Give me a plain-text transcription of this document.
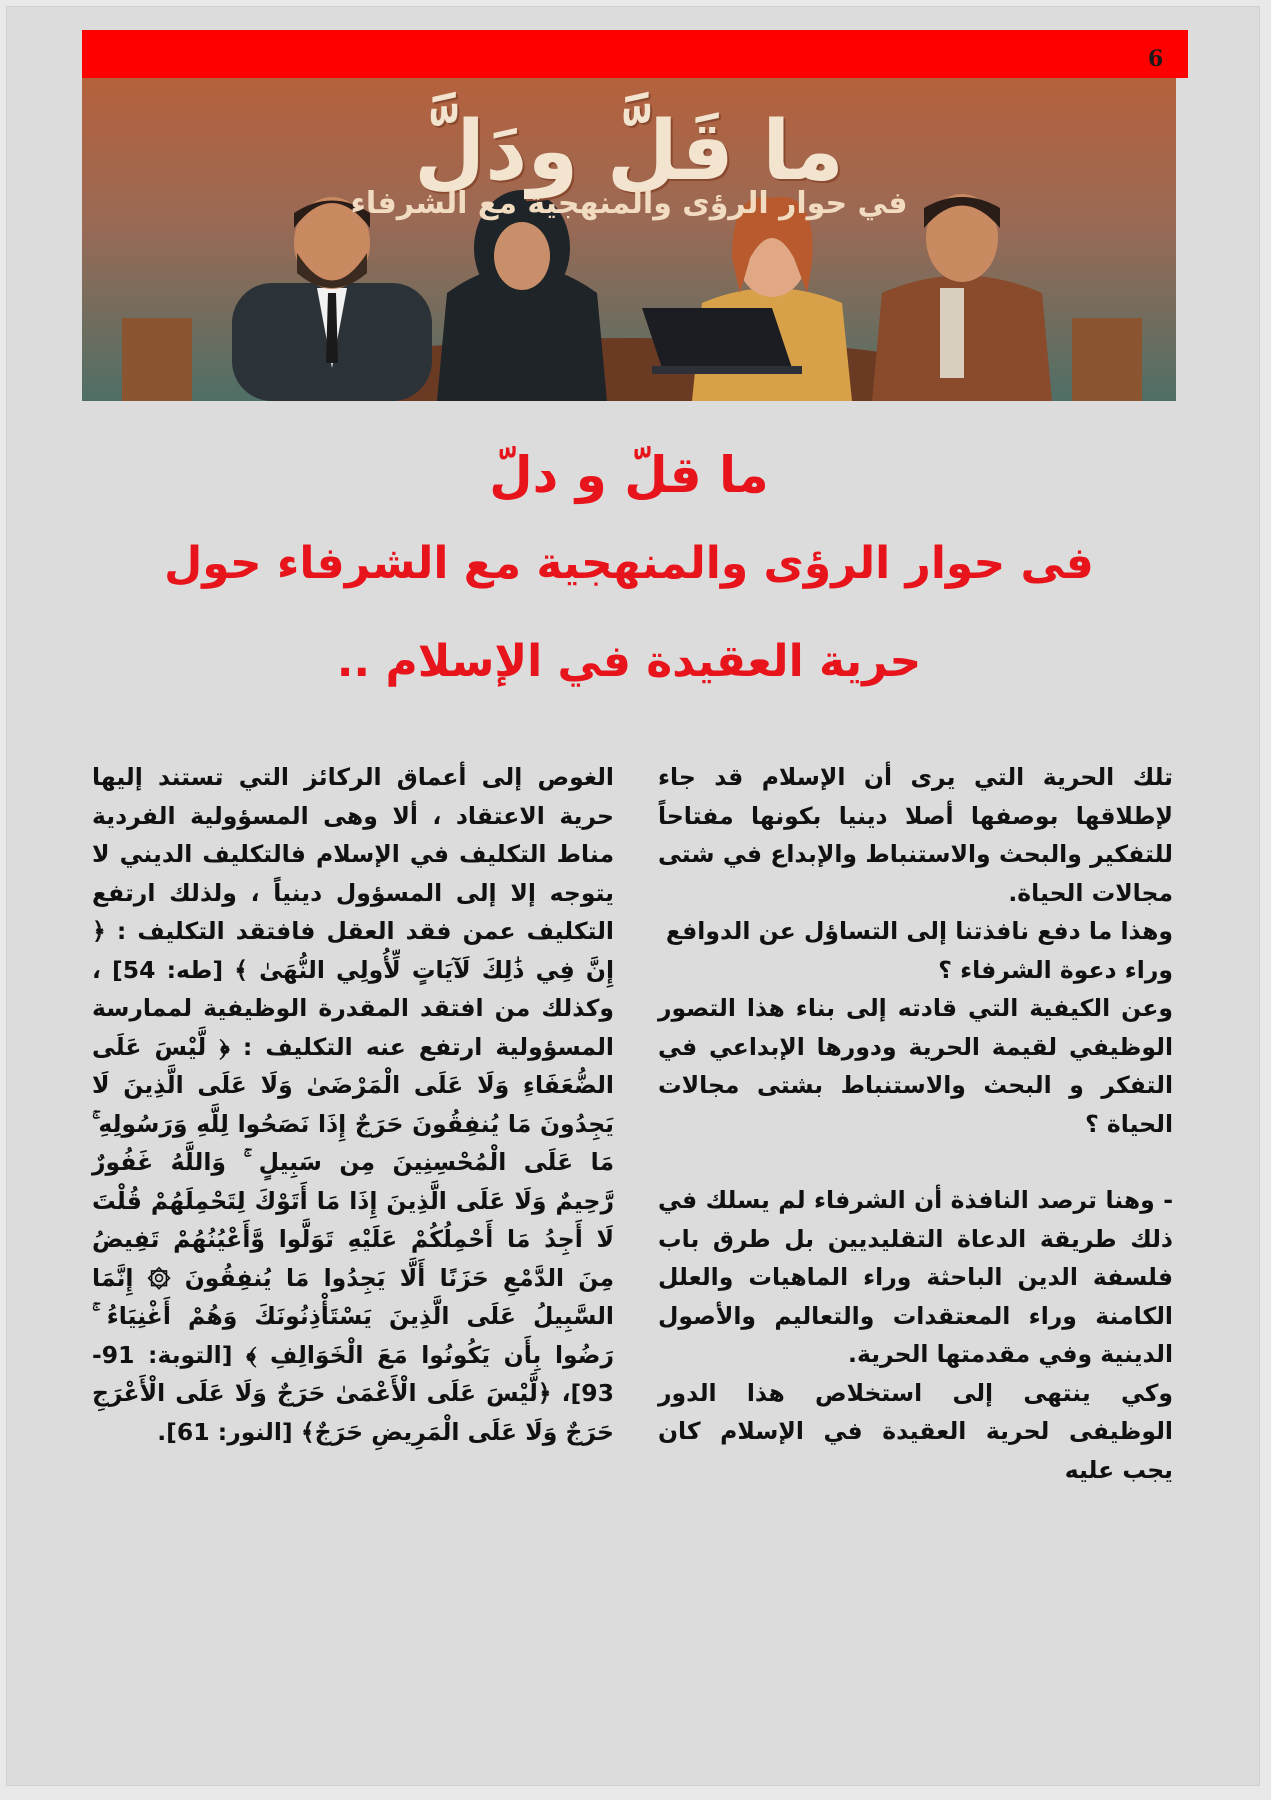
6
ما قَلَّ ودَلَّ
في حوار الرؤى والمنهجية مع الشرفاء
ما قلّ و دلّ
فى حوار الرؤى والمنهجية مع الشرفاء حول
حرية العقيدة في الإسلام ..

تلك الحرية التي يرى أن الإسلام قد جاء لإطلاقها بوصفها أصلا دينيا بكونها مفتاحاً للتفكير والبحث والاستنباط والإبداع في شتى مجالات الحياة.

وهذا ما دفع نافذتنا إلى التساؤل عن الدوافع

وراء دعوة الشرفاء ؟

وعن الكيفية التي قادته إلى بناء هذا التصور الوظيفي لقيمة الحرية ودورها الإبداعي في التفكر و البحث والاستنباط بشتى مجالات الحياة ؟

- وهنا ترصد النافذة أن الشرفاء لم يسلك في ذلك طريقة الدعاة التقليديين بل طرق باب فلسفة الدين الباحثة وراء الماهيات والعلل الكامنة وراء المعتقدات والتعاليم والأصول الدينية وفي مقدمتها الحرية.

وكي ينتهى إلى استخلاص هذا الدور الوظيفى لحرية العقيدة في الإسلام كان يجب عليه

الغوص إلى أعماق الركائز التي تستند إليها حرية الاعتقاد ، ألا وهى المسؤولية الفردية مناط التكليف في الإسلام فالتكليف الديني لا يتوجه إلا إلى المسؤول دينياً ، ولذلك ارتفع التكليف عمن فقد العقل فافتقد التكليف : ﴿ إِنَّ فِي ذَٰلِكَ لَآيَاتٍ لِّأُولِي النُّهَىٰ ﴾ [طه: 54] ، وكذلك من افتقد المقدرة الوظيفية لممارسة المسؤولية ارتفع عنه التكليف : ﴿ لَّيْسَ عَلَى الضُّعَفَاءِ وَلَا عَلَى الْمَرْضَىٰ وَلَا عَلَى الَّذِينَ لَا يَجِدُونَ مَا يُنفِقُونَ حَرَجٌ إِذَا نَصَحُوا لِلَّهِ وَرَسُولِهِ ۚ مَا عَلَى الْمُحْسِنِينَ مِن سَبِيلٍ ۚ وَاللَّهُ غَفُورٌ رَّحِيمٌ وَلَا عَلَى الَّذِينَ إِذَا مَا أَتَوْكَ لِتَحْمِلَهُمْ قُلْتَ لَا أَجِدُ مَا أَحْمِلُكُمْ عَلَيْهِ تَوَلَّوا وَّأَعْيُنُهُمْ تَفِيضُ مِنَ الدَّمْعِ حَزَنًا أَلَّا يَجِدُوا مَا يُنفِقُونَ ۞ إِنَّمَا السَّبِيلُ عَلَى الَّذِينَ يَسْتَأْذِنُونَكَ وَهُمْ أَغْنِيَاءُ ۚ رَضُوا بِأَن يَكُونُوا مَعَ الْخَوَالِفِ ﴾ [التوبة: 91-93]، ﴿لَّيْسَ عَلَى الْأَعْمَىٰ حَرَجٌ وَلَا عَلَى الْأَعْرَجِ حَرَجٌ وَلَا عَلَى الْمَرِيضِ حَرَجٌ﴾ [النور: 61].
